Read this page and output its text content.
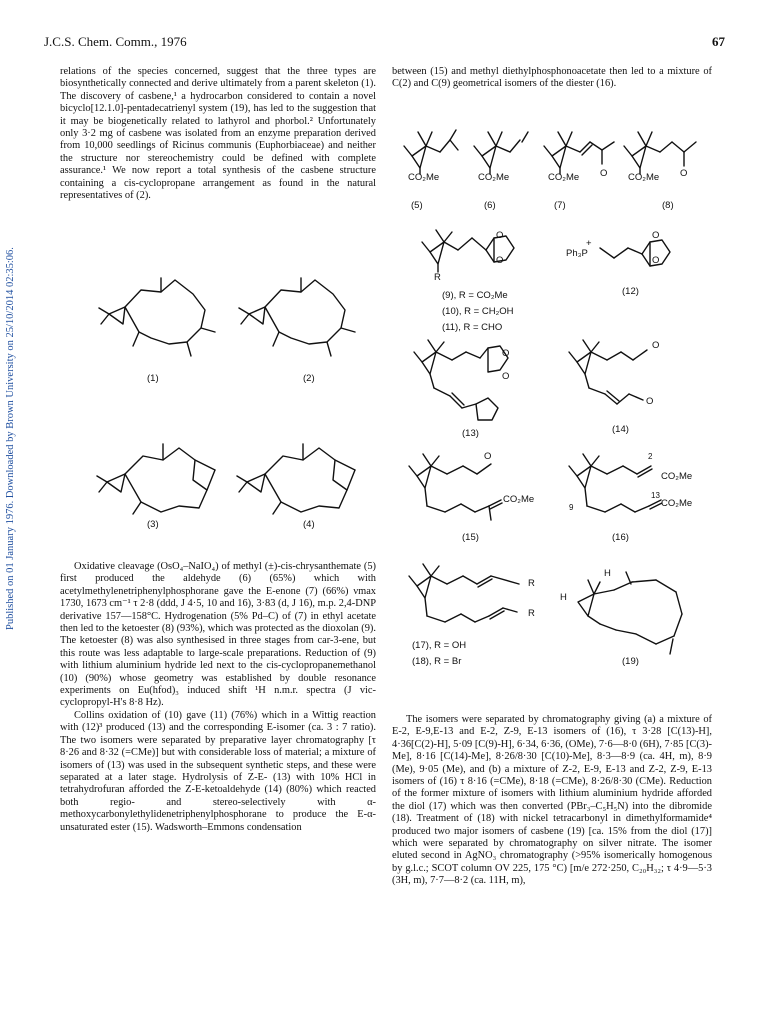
J.C.S. Chem. Comm., 1976	67
Published on 01 January 1976. Downloaded by Brown University on 25/10/2014 02:35:06.

relations of the species concerned, suggest that the three types are biosynthetically connected and derive ultimately from a parent skeleton (1). The discovery of casbene,¹ a hydrocarbon considered to contain a novel bicyclo[12.1.0]-pentadecatrienyl system (19), has led to the suggestion that it may be biogenetically related to lathyrol and phorbol.² Unfortunately only 3·2 mg of casbene was isolated from an enzyme preparation derived from 10,000 seedlings of Ricinus communis (Euphorbiaceae) and neither the structure nor stereochemistry could be defined with complete assurance.¹ We now report a total synthesis of the casbene structure containing a cis-cyclopropane arrangement as found in the natural representatives of (2).

Oxidative cleavage (OsO₄–NaIO₄) of methyl (±)-cis-chrysanthemate (5) first produced the aldehyde (6) (65%) which with acetylmethylenetriphenylphosphorane gave the E-enone (7) (66%) νmax 1730, 1673 cm⁻¹ τ 2·8 (ddd, J 4·5, 10 and 16), 3·83 (d, J 16), m.p. 2,4-DNP derivative 157—158°C. Hydrogenation (5% Pd–C) of (7) in ethyl acetate then led to the ketoester (8) (93%), which was protected as the dioxolan (9). The ketoester (8) was also synthesised in three stages from car-3-ene, but this route was less adaptable to large-scale preparations. Reduction of (9) with lithium aluminium hydride led next to the cis-cyclopropanemethanol (10) (90%) whose geometry was established by double resonance experiments on Eu(hfod)₃ induced shift ¹H n.m.r. spectra (J vic-cyclopropyl-H's 8·8 Hz).

Collins oxidation of (10) gave (11) (76%) which in a Wittig reaction with (12)³ produced (13) and the corresponding E-isomer (ca. 3 : 7 ratio). The two isomers were separated by preparative layer chromatography [τ 8·26 and 8·32 (=CMe)] but with considerable loss of material; a mixture of isomers of (13) was used in the subsequent synthetic steps, and these were separated at a later stage. Hydrolysis of Z-E- (13) with 10% HCl in tetrahydrofuran afforded the Z-E-ketoaldehyde (14) (80%) which reacted both regio- and stereo-selectively with α-methoxycarbonylethylidenetriphenylphosphorane to produce the E-α-unsaturated ester (15). Wadsworth–Emmons condensation

between (15) and methyl diethylphosphonoacetate then led to a mixture of C(2) and C(9) geometrical isomers of the diester (16).

The isomers were separated by chromatography giving (a) a mixture of E-2, E-9,E-13 and E-2, Z-9, E-13 isomers of (16), τ 3·28 [C(13)-H], 4·36[C(2)-H], 5·09 [C(9)-H], 6·34, 6·36, (OMe), 7·6—8·0 (6H), 7·85 [C(3)-Me], 8·16 [C(14)-Me], 8·26/8·30 [C(10)-Me], 8·3—8·9 (ca. 4H, m), 8·9 (Me), 9·05 (Me), and (b) a mixture of Z-2, E-9, E-13 and Z-2, Z-9, E-13 isomers of (16) τ 8·16 (=CMe), 8·18 (=CMe), 8·26/8·30 (CMe). Reduction of the former mixture of isomers with lithium aluminium hydride afforded the diol (17) which was then converted (PBr₃–C₅H₅N) into the dibromide (18). Treatment of (18) with nickel tetracarbonyl in dimethylformamide⁴ produced two major isomers of casbene (19) [ca. 15% from the diol (17)] which were separated by chromatography on silver nitrate. The isomer eluted second in AgNO₃ chromatography (>95% isomerically homogenous by g.l.c.; SCOT column OV 225, 175 °C) [m/e 272·250, C₂₀H₃₂; τ 4·9—5·3 (3H, m), 7·7—8·2 (ca. 11H, m),

(1)	(2)
(3)	(4)
CO₂Me
(5)
CO₂Me
(6)
CO₂Me O
(7)
CO₂Me O
(8)
O
O
R
(9), R = CO₂Me
(10), R = CH₂OH
(11), R = CHO
Ph₃P
+
O
O
(12)
O
O
(13)
O
O
(14)
O
CO₂Me
(15)
2
CO₂Me
CO₂Me
9
13
(16)
R
R
(17), R = OH
(18), R = Br
H
H
(19)
